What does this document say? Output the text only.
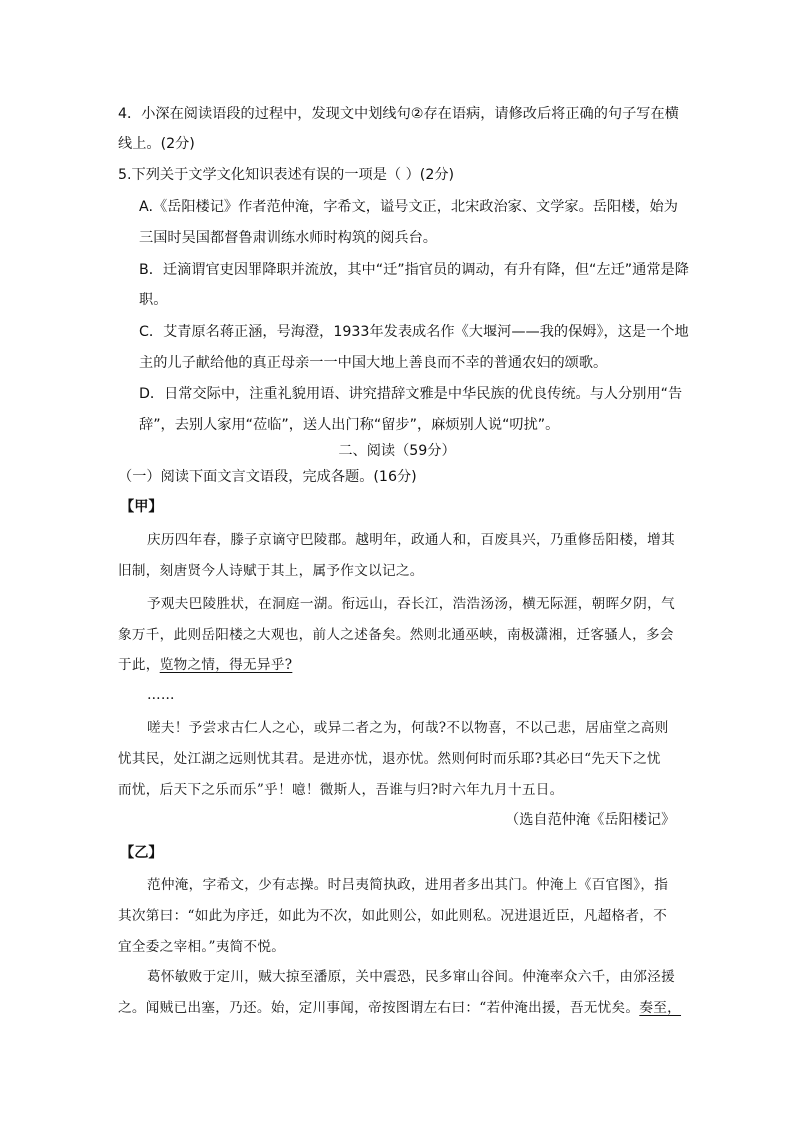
4．小深在阅读语段的过程中，发现文中划线句②存在语病，请修改后将正确的句子写在横
线上。(2分)
5.下列关于文学文化知识表述有误的一项是（ ）(2分)
A.《岳阳楼记》作者范仲淹，字希文，谥号文正，北宋政治家、文学家。岳阳楼，始为
三国时吴国都督鲁肃训练水师时构筑的阅兵台。
B．迁滴谓官吏因罪降职并流放，其中“迁”指官员的调动，有升有降，但“左迁”通常是降
职。
C．艾青原名蒋正涵，号海澄，1933年发表成名作《大堰河——我的保姆》，这是一个地
主的儿子献给他的真正母亲一一中国大地上善良而不幸的普通农妇的颂歌。
D．日常交际中，注重礼貌用语、讲究措辞文雅是中华民族的优良传统。与人分别用“告
辞”，去别人家用“莅临”，送人出门称“留步”，麻烦别人说“叨扰”。
二、阅读（59分）
（一）阅读下面文言文语段，完成各题。(16分)
【甲】
庆历四年春，滕子京谪守巴陵郡。越明年，政通人和，百废具兴，乃重修岳阳楼，增其
旧制，刻唐贤今人诗赋于其上，属予作文以记之。
予观夫巴陵胜状，在洞庭一湖。衔远山，吞长江，浩浩汤汤，横无际涯，朝晖夕阴，气
象万千，此则岳阳楼之大观也，前人之述备矣。然则北通巫峡，南极潇湘，迁客骚人，多会
于此，览物之情，得无异乎?
……
嗟夫！予尝求古仁人之心，或异二者之为，何哉?不以物喜，不以己悲，居庙堂之高则
忧其民，处江湖之远则忧其君。是进亦忧，退亦忧。然则何时而乐耶?其必曰“先天下之忧
而忧，后天下之乐而乐”乎！噫！微斯人，吾谁与归?时六年九月十五日。
（选自范仲淹《岳阳楼记》
【乙】
范仲淹，字希文，少有志操。时吕夷简执政，进用者多出其门。仲淹上《百官图》，指
其次第曰：“如此为序迁，如此为不次，如此则公，如此则私。况进退近臣，凡超格者，不
宜全委之宰相。”夷简不悦。
葛怀敏败于定川，贼大掠至潘原，关中震恐，民多窜山谷间。仲淹率众六千，由邠泾援
之。闻贼已出塞，乃还。始，定川事闻，帝按图谓左右曰：“若仲淹出援，吾无忧矣。奏至，
